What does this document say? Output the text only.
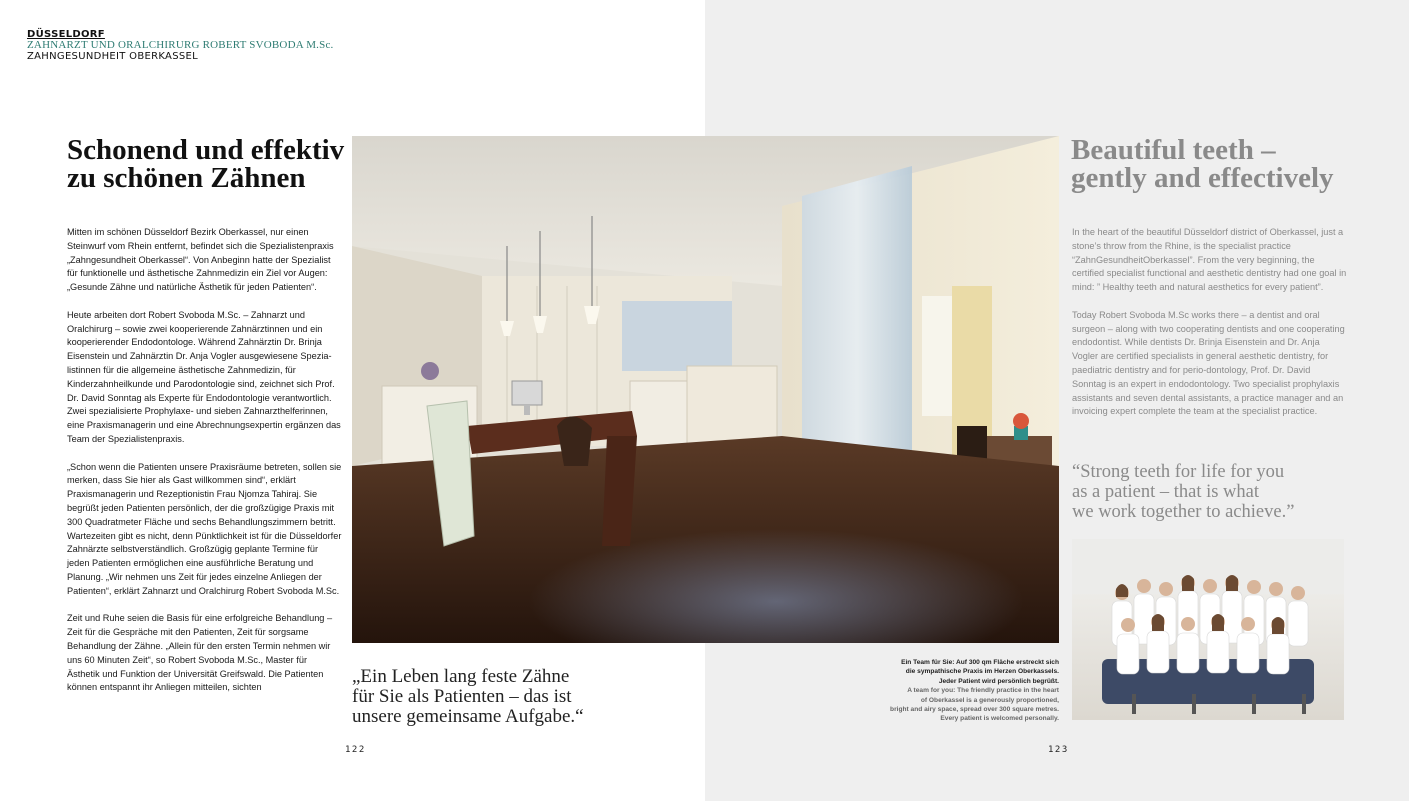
DÜSSELDORF
ZAHNARZT UND ORALCHIRURG ROBERT SVOBODA M.Sc.
ZAHNGESUNDHEIT OBERKASSEL
Schonend und effektiv
zu schönen Zähnen

Mitten im schönen Düsseldorf Bezirk Oberkassel, nur einen Steinwurf vom Rhein entfernt, befindet sich die Spezialistenpraxis „Zahngesundheit Oberkassel“. Von Anbeginn hatte der Spezialist für funktionelle und ästhetische Zahnmedizin ein Ziel vor Augen: „Gesunde Zähne und natürliche Ästhetik für jeden Patienten“.

Heute arbeiten dort Robert Svoboda M.Sc. – Zahnarzt und Oralchirurg – sowie zwei kooperierende Zahnärztinnen und ein kooperierender Endodontologe. Während Zahnärztin Dr. Brinja Eisenstein und Zahnärztin Dr. Anja Vogler ausgewiesene Spezialistinnen für die allgemeine ästhetische Zahnmedizin, für Kinderzahnheilkunde und Parodontologie sind, zeichnet sich Prof. Dr. David Sonntag als Experte für Endodontologie verantwortlich. Zwei spezialisierte Prophylaxe- und sieben Zahnarzthelferinnen, eine Praxismanagerin und eine Abrechnungsexpertin ergänzen das Team der Spezialistenpraxis.

„Schon wenn die Patienten unsere Praxisräume betreten, sollen sie merken, dass Sie hier als Gast willkommen sind“, erklärt Praxismanagerin und Rezeptionistin Frau Njomza Tahiraj. Sie begrüßt jeden Patienten persönlich, der die großzügige Praxis mit 300 Quadratmeter Fläche und sechs Behandlungszimmern betritt. Wartezeiten gibt es nicht, denn Pünktlichkeit ist für die Düsseldorfer Zahnärzte selbstverständlich. Großzügig geplante Termine für jeden Patienten ermöglichen eine ausführliche Beratung und Planung. „Wir nehmen uns Zeit für jedes einzelne Anliegen der Patienten“, erklärt Zahnarzt und Oralchirurg Robert Svoboda M.Sc.

Zeit und Ruhe seien die Basis für eine erfolgreiche Behandlung – Zeit für die Gespräche mit den Patienten, Zeit für sorgsame Behandlung der Zähne. „Allein für den ersten Termin nehmen wir uns 60 Minuten Zeit“, so Robert Svoboda M.Sc., Master für Ästhetik und Funktion der Universität Greifswald. Die Patienten können entspannt ihr Anliegen mitteilen, sichten

„Ein Leben lang feste Zähne
für Sie als Patienten – das ist
unsere gemeinsame Aufgabe.“
Ein Team für Sie: Auf 300 qm Fläche erstreckt sich
die sympathische Praxis im Herzen Oberkassels.
Jeder Patient wird persönlich begrüßt.
A team for you: The friendly practice in the heart
of Oberkassel is a generously proportioned,
bright and airy space, spread over 300 square metres.
Every patient is welcomed personally.
Beautiful teeth –
gently and effectively

In the heart of the beautiful Düsseldorf district of Oberkassel, just a stone’s throw from the Rhine, is the specialist practice “ZahnGesundheitOberkassel”. From the very beginning, the certified specialist functional and aesthetic dentistry had one goal in mind: ” Healthy teeth and natural aesthetics for every patient”.

Today Robert Svoboda M.Sc works there – a dentist and oral surgeon – along with two cooperating dentists and one cooperating endodontist. While dentists Dr. Brinja Eisenstein and Dr. Anja Vogler are certified specialists in general aesthetic dentistry, for paediatric dentistry and for perio-dontology, Prof. Dr. David Sonntag is an expert in endodontology. Two specialist prophylaxis assistants and seven dental assistants, a practice manager and an invoicing expert complete the team at the specialist practice.

“Strong teeth for life for you
as a patient – that is what
we work together to achieve.”
122	123
